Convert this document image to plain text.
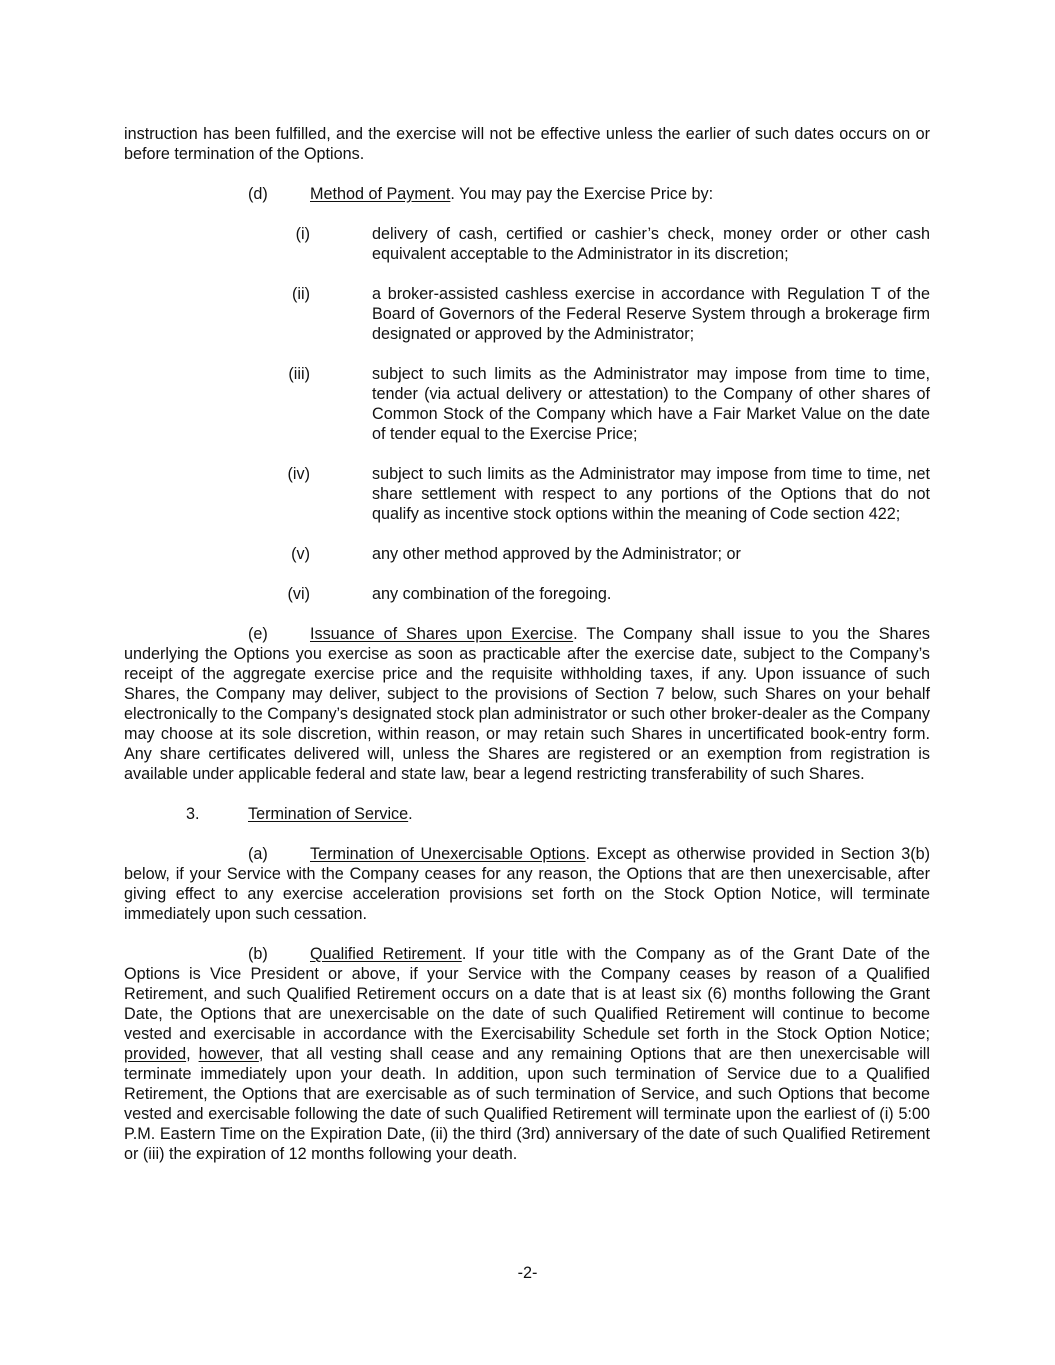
instruction has been fulfilled, and the exercise will not be effective unless the earlier of such dates occurs on or before termination of the Options.

(d)	Method of Payment. You may pay the Exercise Price by:
(i)	delivery of cash, certified or cashier’s check, money order or other cash equivalent acceptable to the Administrator in its discretion;
(ii)	a broker-assisted cashless exercise in accordance with Regulation T of the Board of Governors of the Federal Reserve System through a brokerage firm designated or approved by the Administrator;
(iii)	subject to such limits as the Administrator may impose from time to time, tender (via actual delivery or attestation) to the Company of other shares of Common Stock of the Company which have a Fair Market Value on the date of tender equal to the Exercise Price;
(iv)	subject to such limits as the Administrator may impose from time to time, net share settlement with respect to any portions of the Options that do not qualify as incentive stock options within the meaning of Code section 422;
(v)	any other method approved by the Administrator; or
(vi)	any combination of the foregoing.

(e)	Issuance of Shares upon Exercise. The Company shall issue to you the Shares underlying the Options you exercise as soon as practicable after the exercise date, subject to the Company’s receipt of the aggregate exercise price and the requisite withholding taxes, if any. Upon issuance of such Shares, the Company may deliver, subject to the provisions of Section 7 below, such Shares on your behalf electronically to the Company’s designated stock plan administrator or such other broker-dealer as the Company may choose at its sole discretion, within reason, or may retain such Shares in uncertificated book-entry form. Any share certificates delivered will, unless the Shares are registered or an exemption from registration is available under applicable federal and state law, bear a legend restricting transferability of such Shares.

3.	Termination of Service.

(a)	Termination of Unexercisable Options. Except as otherwise provided in Section 3(b) below, if your Service with the Company ceases for any reason, the Options that are then unexercisable, after giving effect to any exercise acceleration provisions set forth on the Stock Option Notice, will terminate immediately upon such cessation.

(b)	Qualified Retirement. If your title with the Company as of the Grant Date of the Options is Vice President or above, if your Service with the Company ceases by reason of a Qualified Retirement, and such Qualified Retirement occurs on a date that is at least six (6) months following the Grant Date, the Options that are unexercisable on the date of such Qualified Retirement will continue to become vested and exercisable in accordance with the Exercisability Schedule set forth in the Stock Option Notice; provided, however, that all vesting shall cease and any remaining Options that are then unexercisable will terminate immediately upon your death. In addition, upon such termination of Service due to a Qualified Retirement, the Options that are exercisable as of such termination of Service, and such Options that become vested and exercisable following the date of such Qualified Retirement will terminate upon the earliest of (i) 5:00 P.M. Eastern Time on the Expiration Date, (ii) the third (3rd) anniversary of the date of such Qualified Retirement or (iii) the expiration of 12 months following your death.

-2-
